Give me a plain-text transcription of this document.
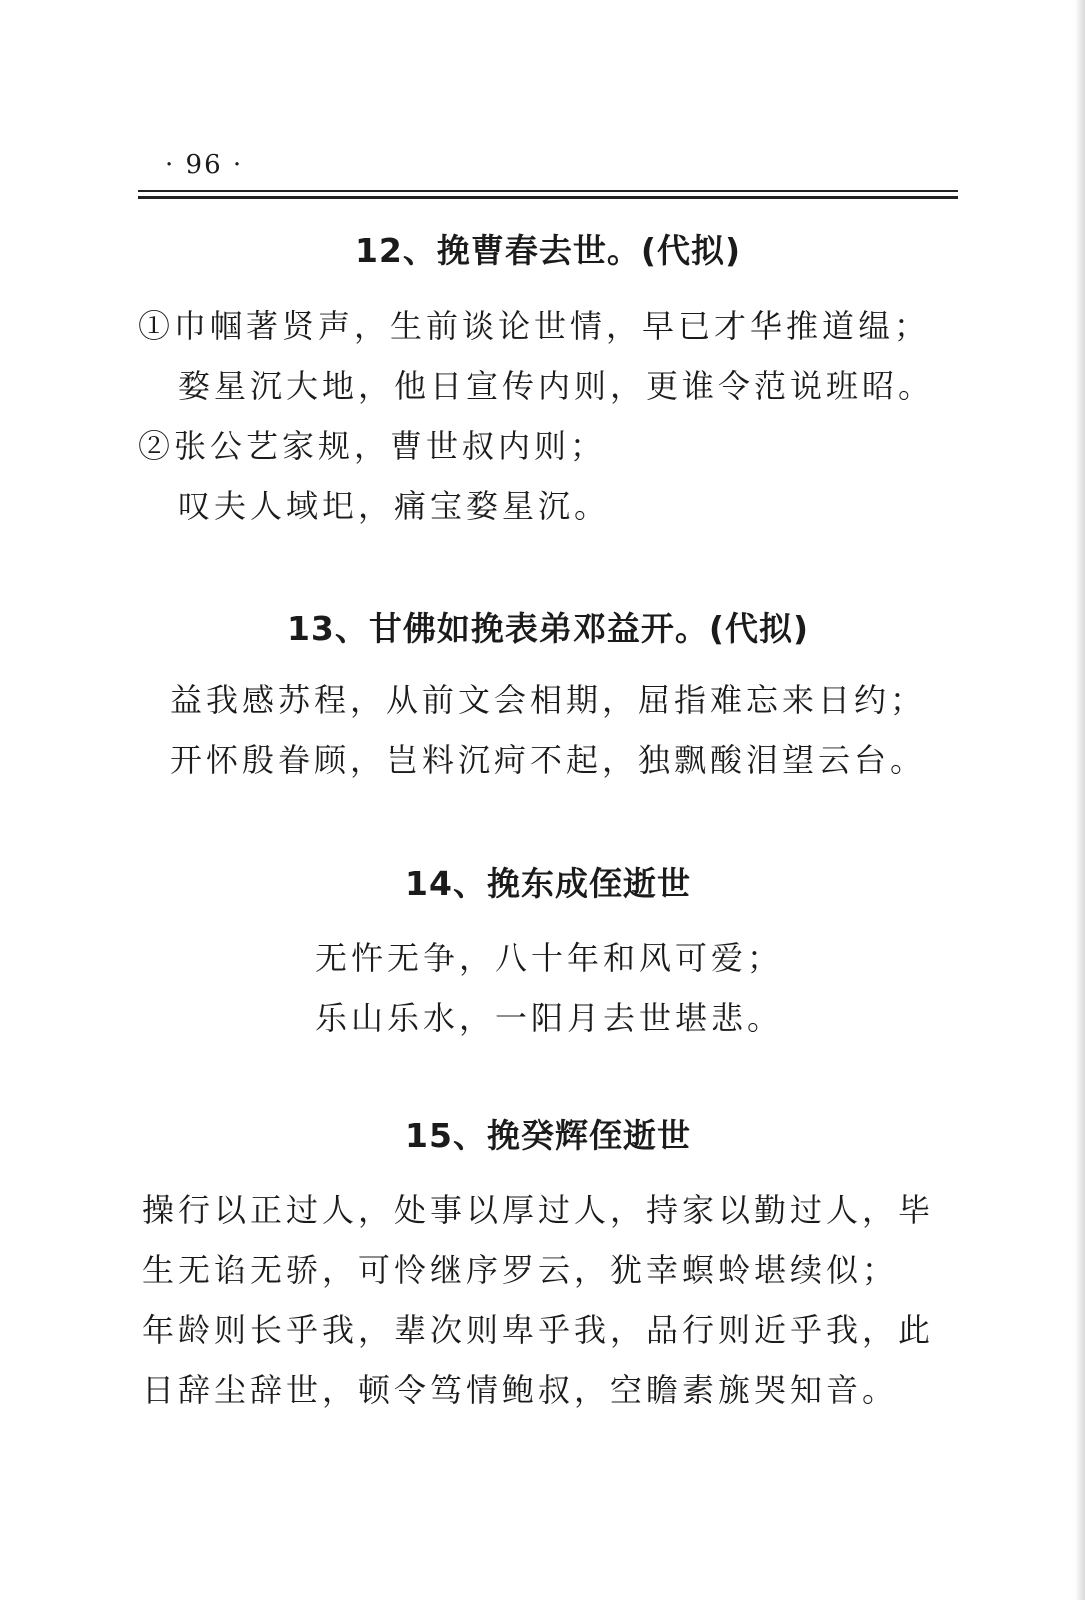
· 96 ·
12、挽曹春去世。(代拟)
①巾帼著贤声，生前谈论世情，早已才华推道缊；
婺星沉大地，他日宣传内则，更谁令范说班昭。
②张公艺家规，曹世叔内则；
叹夫人域圯，痛宝婺星沉。
13、甘佛如挽表弟邓益开。(代拟)
益我感苏程，从前文会相期，屈指难忘来日约；
开怀殷眷顾，岂料沉疴不起，独飘酸泪望云台。
14、挽东成侄逝世
无忤无争，八十年和风可爱；
乐山乐水，一阳月去世堪悲。
15、挽癸辉侄逝世
操行以正过人，处事以厚过人，持家以勤过人，毕
生无谄无骄，可怜继序罗云，犹幸螟蛉堪续似；
年龄则长乎我，辈次则卑乎我，品行则近乎我，此
日辞尘辞世，顿令笃情鲍叔，空瞻素旐哭知音。
